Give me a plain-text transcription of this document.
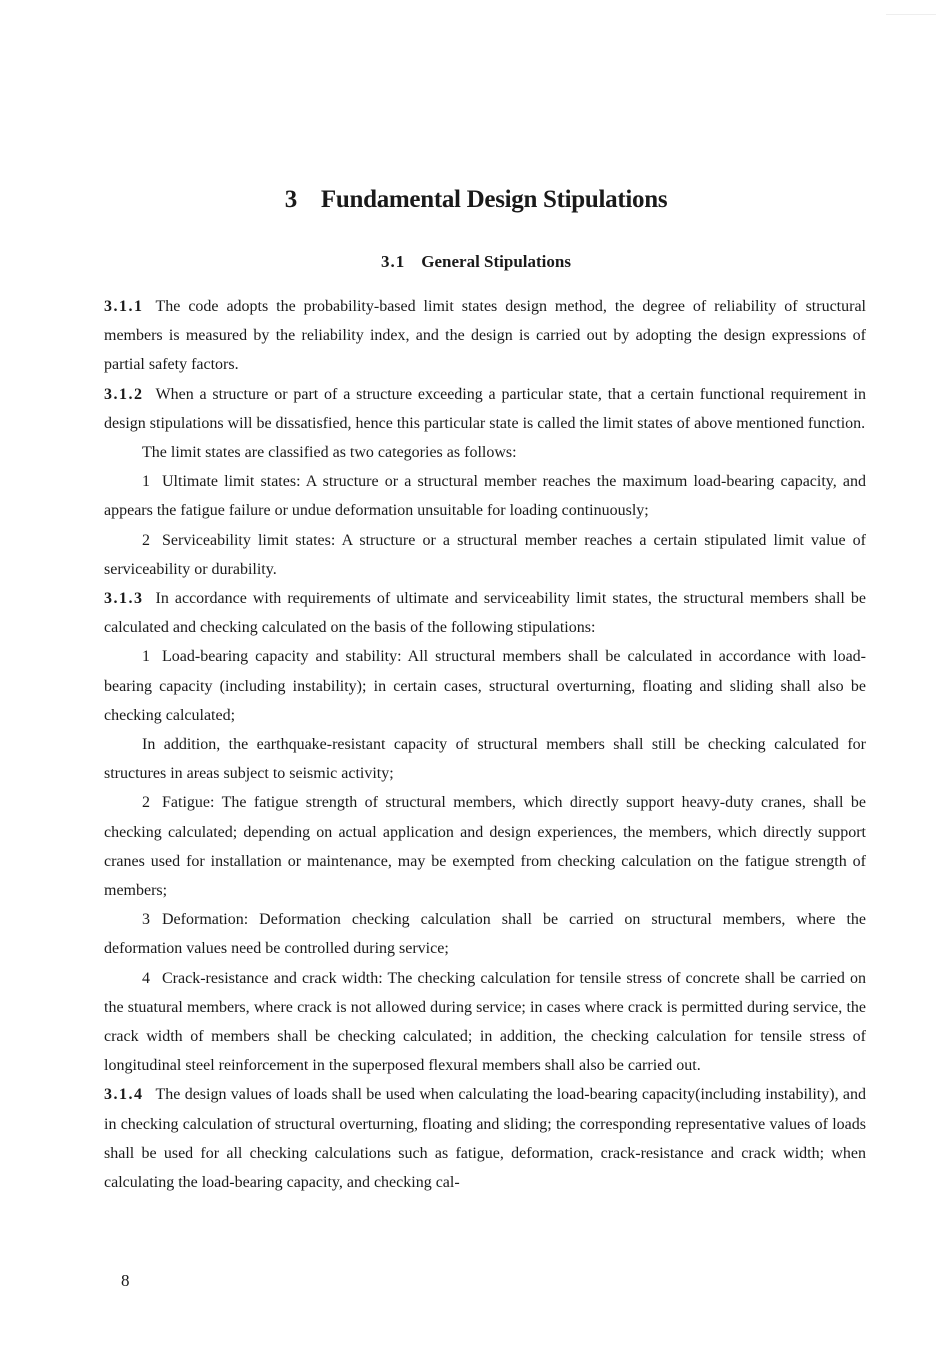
3 Fundamental Design Stipulations
3.1 General Stipulations

3.1.1 The code adopts the probability-based limit states design method, the degree of reliability of structural members is measured by the reliability index, and the design is carried out by adopting the design expressions of partial safety factors.

3.1.2 When a structure or part of a structure exceeding a particular state, that a certain functional requirement in design stipulations will be dissatisfied, hence this particular state is called the limit states of above mentioned function.

The limit states are classified as two categories as follows:

1 Ultimate limit states: A structure or a structural member reaches the maximum load-bearing capacity, and appears the fatigue failure or undue deformation unsuitable for loading continuously;

2 Serviceability limit states: A structure or a structural member reaches a certain stipulated limit value of serviceability or durability.

3.1.3 In accordance with requirements of ultimate and serviceability limit states, the structural members shall be calculated and checking calculated on the basis of the following stipulations:

1 Load-bearing capacity and stability: All structural members shall be calculated in accordance with load-bearing capacity (including instability); in certain cases, structural overturning, floating and sliding shall also be checking calculated;

In addition, the earthquake-resistant capacity of structural members shall still be checking calculated for structures in areas subject to seismic activity;

2 Fatigue: The fatigue strength of structural members, which directly support heavy-duty cranes, shall be checking calculated; depending on actual application and design experiences, the members, which directly support cranes used for installation or maintenance, may be exempted from checking calculation on the fatigue strength of members;

3 Deformation: Deformation checking calculation shall be carried on structural members, where the deformation values need be controlled during service;

4 Crack-resistance and crack width: The checking calculation for tensile stress of concrete shall be carried on the stuatural members, where crack is not allowed during service; in cases where crack is permitted during service, the crack width of members shall be checking calculated; in addition, the checking calculation for tensile stress of longitudinal steel reinforcement in the superposed flexural members shall also be carried out.

3.1.4 The design values of loads shall be used when calculating the load-bearing capacity(including instability), and in checking calculation of structural overturning, floating and sliding; the corresponding representative values of loads shall be used for all checking calculations such as fatigue, deformation, crack-resistance and crack width; when calculating the load-bearing capacity, and checking cal-

8
